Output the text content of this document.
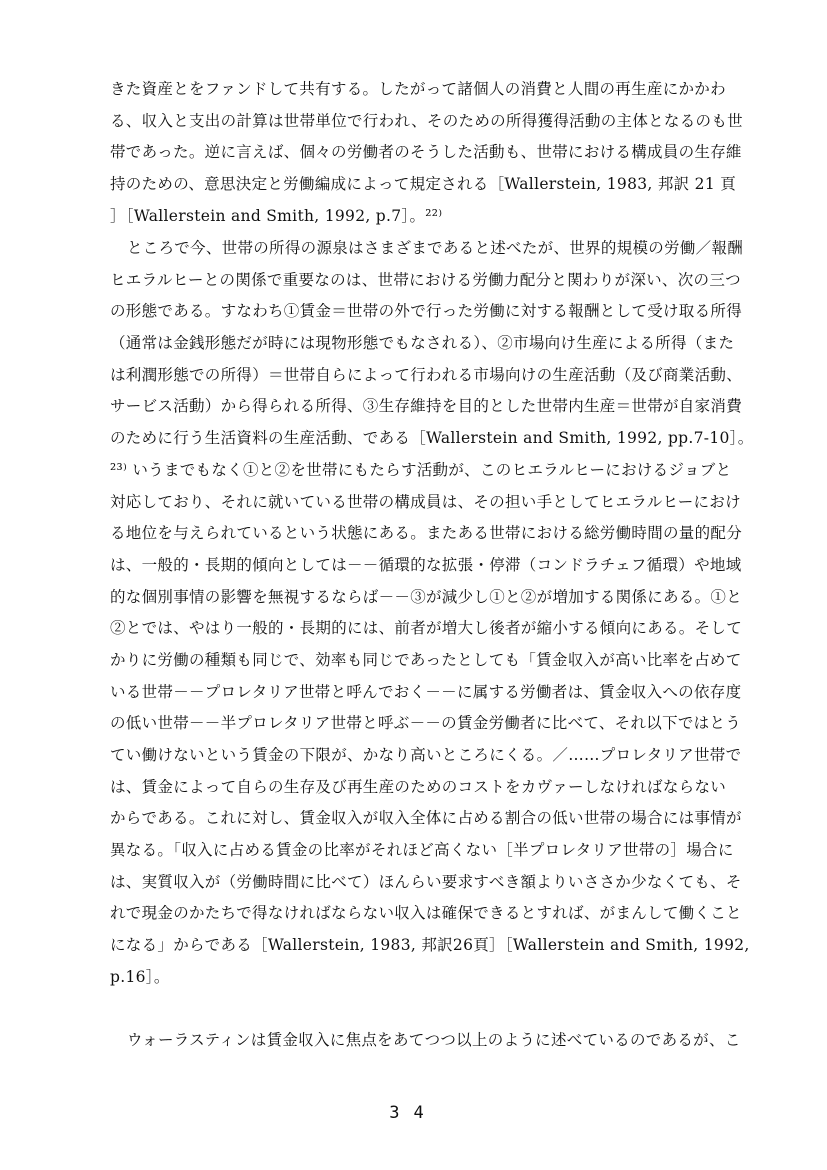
きた資産とをファンドして共有する。したがって諸個人の消費と人間の再生産にかかわ
る、収入と支出の計算は世帯単位で行われ、そのための所得獲得活動の主体となるのも世
帯であった。逆に言えば、個々の労働者のそうした活動も、世帯における構成員の生存維
持のための、意思決定と労働編成によって規定される［Wallerstein, 1983, 邦訳 21 頁
］［Wallerstein and Smith, 1992, p.7］。²²⁾
ところで今、世帯の所得の源泉はさまざまであると述べたが、世界的規模の労働／報酬
ヒエラルヒーとの関係で重要なのは、世帯における労働力配分と関わりが深い、次の三つ
の形態である。すなわち①賃金＝世帯の外で行った労働に対する報酬として受け取る所得
（通常は金銭形態だが時には現物形態でもなされる）、②市場向け生産による所得（また
は利潤形態での所得）＝世帯自らによって行われる市場向けの生産活動（及び商業活動、
サービス活動）から得られる所得、③生存維持を目的とした世帯内生産＝世帯が自家消費
のために行う生活資料の生産活動、である［Wallerstein and Smith, 1992, pp.7-10］。
²³⁾ いうまでもなく①と②を世帯にもたらす活動が、このヒエラルヒーにおけるジョブと
対応しており、それに就いている世帯の構成員は、その担い手としてヒエラルヒーにおけ
る地位を与えられているという状態にある。またある世帯における総労働時間の量的配分
は、一般的・長期的傾向としては－－循環的な拡張・停滞（コンドラチェフ循環）や地域
的な個別事情の影響を無視するならば－－③が減少し①と②が増加する関係にある。①と
②とでは、やはり一般的・長期的には、前者が増大し後者が縮小する傾向にある。そして
かりに労働の種類も同じで、効率も同じであったとしても「賃金収入が高い比率を占めて
いる世帯－－プロレタリア世帯と呼んでおく－－に属する労働者は、賃金収入への依存度
の低い世帯－－半プロレタリア世帯と呼ぶ－－の賃金労働者に比べて、それ以下ではとう
てい働けないという賃金の下限が、かなり高いところにくる。／……プロレタリア世帯で
は、賃金によって自らの生存及び再生産のためのコストをカヴァーしなければならない
からである。これに対し、賃金収入が収入全体に占める割合の低い世帯の場合には事情が
異なる。「収入に占める賃金の比率がそれほど高くない［半プロレタリア世帯の］場合に
は、実質収入が（労働時間に比べて）ほんらい要求すべき額よりいささか少なくても、そ
れで現金のかたちで得なければならない収入は確保できるとすれば、がまんして働くこと
になる」からである［Wallerstein, 1983, 邦訳26頁］［Wallerstein and Smith, 1992,
p.16］。
ウォーラスティンは賃金収入に焦点をあてつつ以上のように述べているのであるが、こ
34
